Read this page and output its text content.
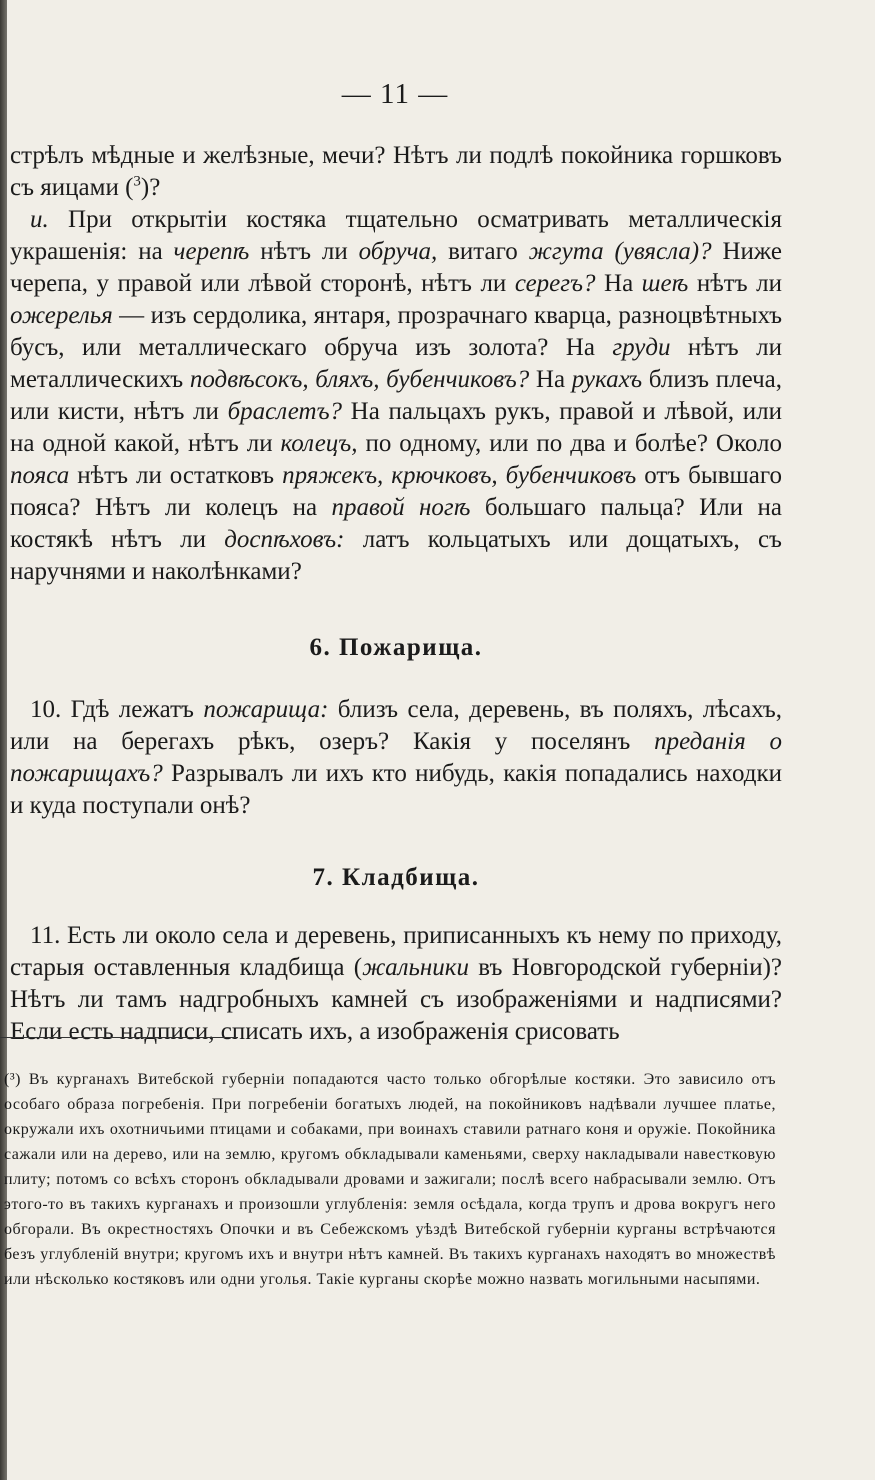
— 11 —

стрѣлъ мѣдные и желѣзные, мечи? Нѣтъ ли подлѣ покойника горшковъ съ яицами ($^3$)?

и. При открытіи костяка тщательно осматривать металлическія украшенія: на черепѣ нѣтъ ли обруча, витаго жгута (увясла)? Ниже черепа, у правой или лѣвой сторонѣ, нѣтъ ли серегъ? На шеѣ нѣтъ ли ожерелья — изъ сердолика, янтаря, прозрачнаго кварца, разноцвѣтныхъ бусъ, или металлическаго обруча изъ золота? На груди нѣтъ ли металлическихъ подвѣсокъ, бляхъ, бубенчиковъ? На рукахъ близъ плеча, или кисти, нѣтъ ли браслетъ? На пальцахъ рукъ, правой и лѣвой, или на одной какой, нѣтъ ли колецъ, по одному, или по два и болѣе? Около пояса нѣтъ ли остатковъ пряжекъ, крючковъ, бубенчиковъ отъ бывшаго пояса? Нѣтъ ли колецъ на правой ногѣ большаго пальца? Или на костякѣ нѣтъ ли доспѣховъ: латъ кольцатыхъ или дощатыхъ, съ наручнями и наколѣнками?

6. Пожарища.

10. Гдѣ лежатъ пожарища: близъ села, деревень, въ поляхъ, лѣсахъ, или на берегахъ рѣкъ, озеръ? Какія у поселянъ преданія о пожарищахъ? Разрывалъ ли ихъ кто нибудь, какія попадались находки и куда поступали онѣ?

7. Кладбища.

11. Есть ли около села и деревень, приписанныхъ къ нему по приходу, старыя оставленныя кладбища (жальники въ Новгородской губерніи)? Нѣтъ ли тамъ надгробныхъ камней съ изображеніями и надписями? Если есть надписи, списать ихъ, а изображенія срисовать

(³) Въ курганахъ Витебской губерніи попадаются часто только обгорѣлые костяки. Это зависило отъ особаго образа погребенія. При погребеніи богатыхъ людей, на покойниковъ надѣвали лучшее платье, окружали ихъ охотничьими птицами и собаками, при воинахъ ставили ратнаго коня и оружіе. Покойника сажали или на дерево, или на землю, кругомъ обкладывали каменьями, сверху накладывали навестковую плиту; потомъ со всѣхъ сторонъ обкладывали дровами и зажигали; послѣ всего набрасывали землю. Отъ этого-то въ такихъ курганахъ и произошли углубленія: земля осѣдала, когда трупъ и дрова вокругъ него обгорали. Въ окрестностяхъ Опочки и въ Себежскомъ уѣздѣ Витебской губерніи курганы встрѣчаются безъ углубленій внутри; кругомъ ихъ и внутри нѣтъ камней. Въ такихъ курганахъ находятъ во множествѣ или нѣсколько костяковъ или одни уголья. Такіе курганы скорѣе можно назвать могильными насыпями.
